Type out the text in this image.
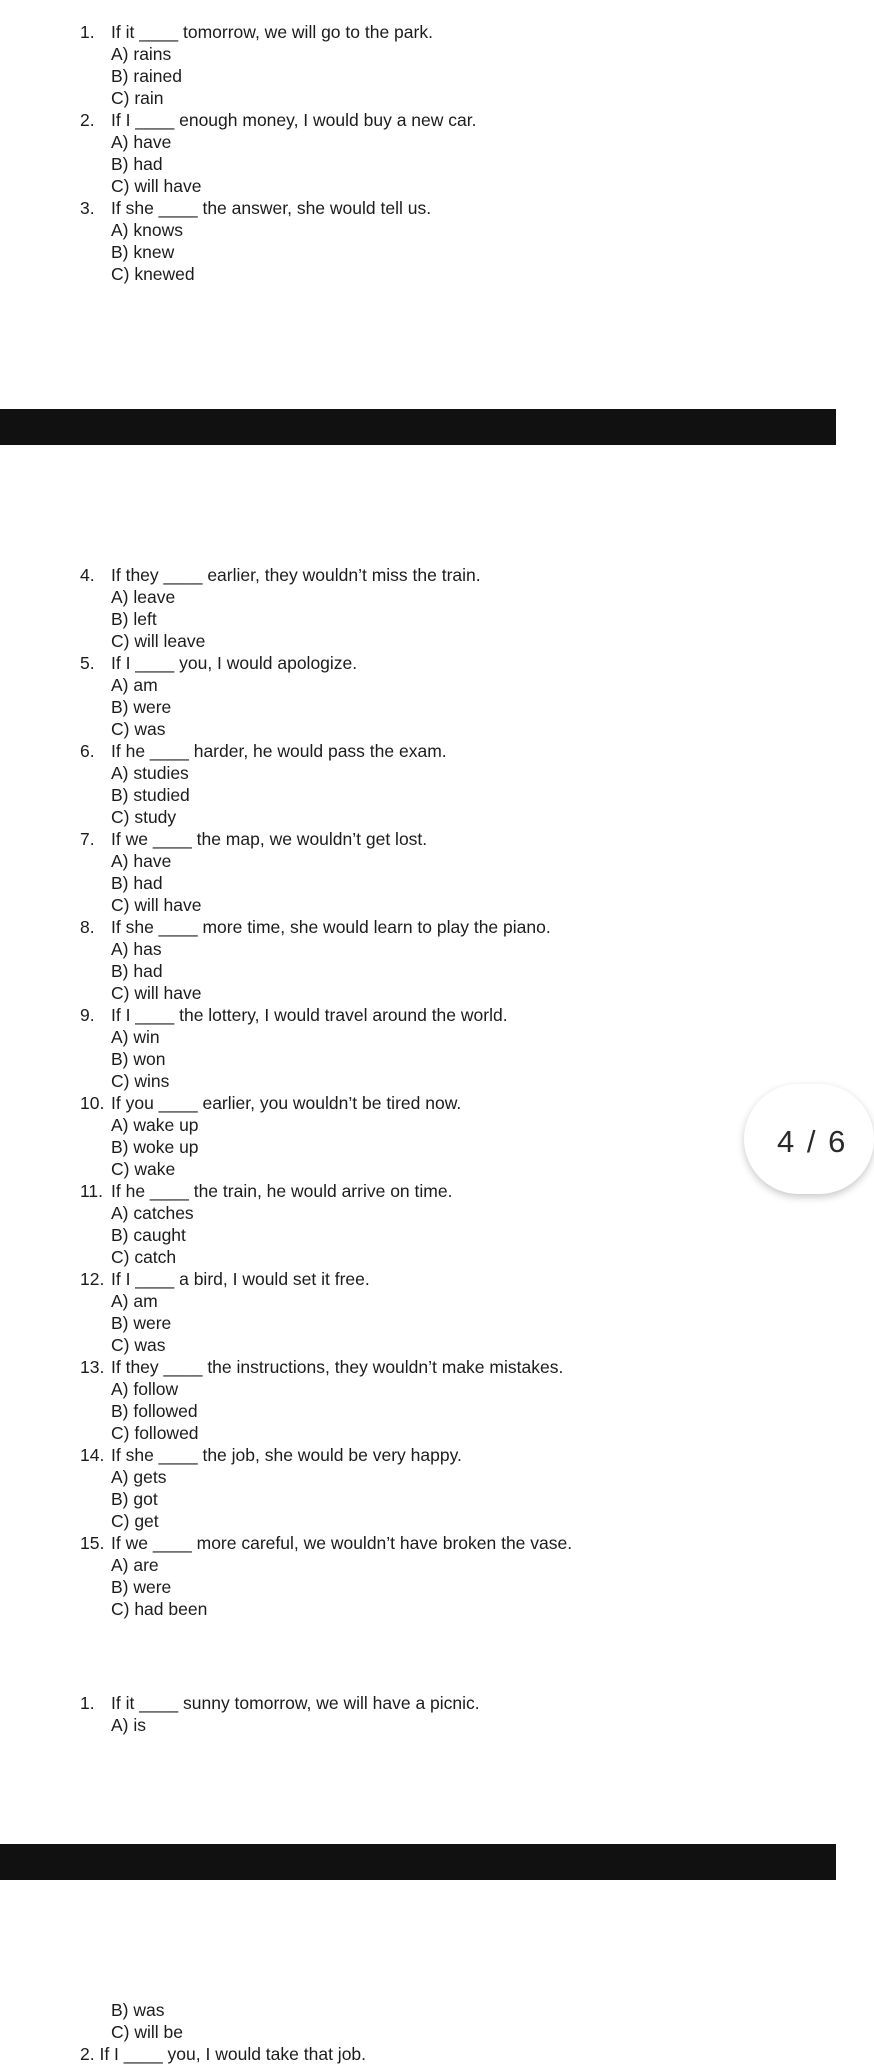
1. If it ____ tomorrow, we will go to the park.
A) rains
B) rained
C) rain
2. If I ____ enough money, I would buy a new car.
A) have
B) had
C) will have
3. If she ____ the answer, she would tell us.
A) knows
B) knew
C) knewed
4. If they ____ earlier, they wouldn’t miss the train.
A) leave
B) left
C) will leave
5. If I ____ you, I would apologize.
A) am
B) were
C) was
6. If he ____ harder, he would pass the exam.
A) studies
B) studied
C) study
7. If we ____ the map, we wouldn’t get lost.
A) have
B) had
C) will have
8. If she ____ more time, she would learn to play the piano.
A) has
B) had
C) will have
9. If I ____ the lottery, I would travel around the world.
A) win
B) won
C) wins
10. If you ____ earlier, you wouldn’t be tired now.
A) wake up
B) woke up
C) wake
11. If he ____ the train, he would arrive on time.
A) catches
B) caught
C) catch
12. If I ____ a bird, I would set it free.
A) am
B) were
C) was
13. If they ____ the instructions, they wouldn’t make mistakes.
A) follow
B) followed
C) followed
14. If she ____ the job, she would be very happy.
A) gets
B) got
C) get
15. If we ____ more careful, we wouldn’t have broken the vase.
A) are
B) were
C) had been
1. If it ____ sunny tomorrow, we will have a picnic.
A) is
B) was
C) will be
2. If I ____ you, I would take that job.
4 / 6
